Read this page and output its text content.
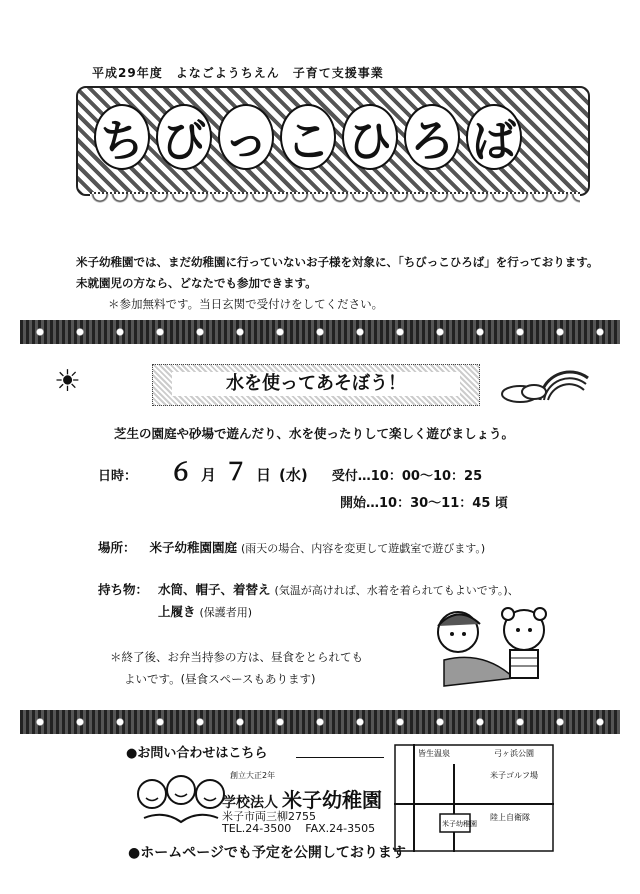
平成29年度　よなごようちえん　子育て支援事業
ち び っ こ ひ ろ ば
米子幼稚園では、まだ幼稚園に行っていないお子様を対象に、「ちびっこひろば」を行っております。
未就園児の方なら、どなたでも参加できます。
＊参加無料です。当日玄関で受付けをしてください。
☀	水を使ってあそぼう！
芝生の園庭や砂場で遊んだり、水を使ったりして楽しく遊びましょう。
日時： ６ 月 ７ 日 (水) 受付…10：00～10：25
開始…10：30～11：45 頃
場所： 米子幼稚園園庭 (雨天の場合、内容を変更して遊戯室で遊びます。)
持ち物： 水筒、帽子、着替え (気温が高ければ、水着を着られてもよいです。)、
上履き (保護者用)
＊終了後、お弁当持参の方は、昼食をとられても
よいです。(昼食スペースもあります)
●お問い合わせはこちら
創立大正2年
学校法人 米子幼稚園
米子市両三柳2755
TEL.24-3500 FAX.24-3505
皆生温泉	弓ヶ浜公園
米子ゴルフ場
米子幼稚園
陸上自衛隊
●ホームページでも予定を公開しております
